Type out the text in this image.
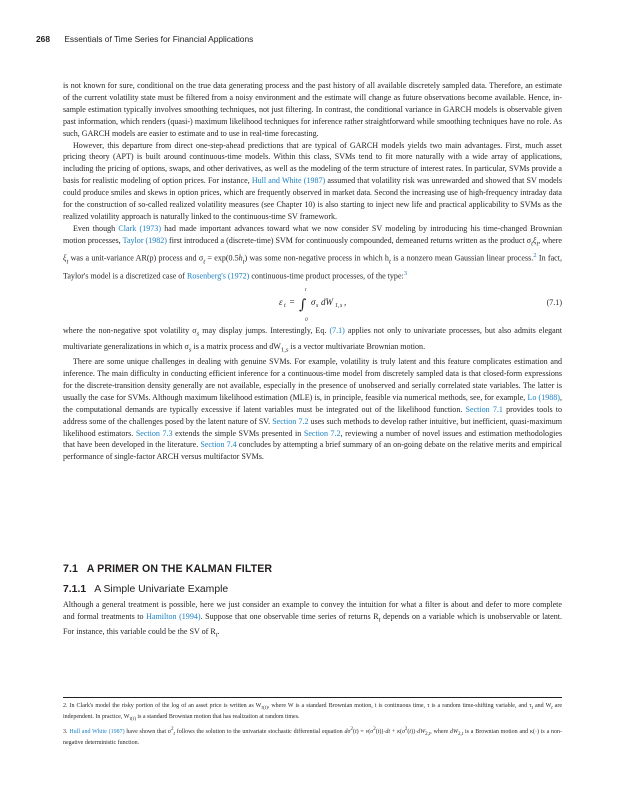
268 Essentials of Time Series for Financial Applications

is not known for sure, conditional on the true data generating process and the past history of all available discretely sampled data. Therefore, an estimate of the current volatility state must be filtered from a noisy environment and the estimate will change as future observations become available. Hence, in-sample estimation typically involves smoothing techniques, not just filtering. In contrast, the conditional variance in GARCH models is observable given past information, which renders (quasi-) maximum likelihood techniques for inference rather straightforward while smoothing techniques have no role. As such, GARCH models are easier to estimate and to use in real-time forecasting.

However, this departure from direct one-step-ahead predictions that are typical of GARCH models yields two main advantages. First, much asset pricing theory (APT) is built around continuous-time models. Within this class, SVMs tend to fit more naturally with a wide array of applications, including the pricing of options, swaps, and other derivatives, as well as the modeling of the term structure of interest rates. In particular, SVMs provide a basis for realistic modeling of option prices. For instance, Hull and White (1987) assumed that volatility risk was unrewarded and showed that SV models could produce smiles and skews in option prices, which are frequently observed in market data. Second the increasing use of high-frequency intraday data for the construction of so-called realized volatility measures (see Chapter 10) is also starting to inject new life and practical applicability to SVMs as the realized volatility approach is naturally linked to the continuous-time SV framework.

Even though Clark (1973) had made important advances toward what we now consider SV modeling by introducing his time-changed Brownian motion processes, Taylor (1982) first introduced a (discrete-time) SVM for continuously compounded, demeaned returns written as the product $\sigma_t\xi_t$, where $\xi_t$ was a unit-variance AR(p) process and $\sigma_t = \exp(0.5h_t)$ was some non-negative process in which $h_t$ is a nonzero mean Gaussian linear process.$^2$ In fact, Taylor's model is a discretized case of Rosenberg's (1972) continuous-time product processes, of the type:$^3$

ε t = ∫
t
0
σ s dW 1, s ,	(7.1)

where the non-negative spot volatility $\sigma_s$ may display jumps. Interestingly, Eq. (7.1) applies not only to univariate processes, but also admits elegant multivariate generalizations in which $\sigma_s$ is a matrix process and $dW_{1,s}$ is a vector multivariate Brownian motion.

There are some unique challenges in dealing with genuine SVMs. For example, volatility is truly latent and this feature complicates estimation and inference. The main difficulty in conducting efficient inference for a continuous-time model from discretely sampled data is that closed-form expressions for the discrete-transition density generally are not available, especially in the presence of unobserved and serially correlated state variables. The latter is usually the case for SVMs. Although maximum likelihood estimation (MLE) is, in principle, feasible via numerical methods, see, for example, Lo (1988), the computational demands are typically excessive if latent variables must be integrated out of the likelihood function. Section 7.1 provides tools to address some of the challenges posed by the latent nature of SV. Section 7.2 uses such methods to develop rather intuitive, but inefficient, quasi-maximum likelihood estimators. Section 7.3 extends the simple SVMs presented in Section 7.2, reviewing a number of novel issues and estimation methodologies that have been developed in the literature. Section 7.4 concludes by attempting a brief summary of an on-going debate on the relative merits and empirical performance of single-factor ARCH versus multifactor SVMs.

7.1 A PRIMER ON THE KALMAN FILTER
7.1.1 A Simple Univariate Example

Although a general treatment is possible, here we just consider an example to convey the intuition for what a filter is about and defer to more complete and formal treatments to Hamilton (1994). Suppose that one observable time series of returns $R_t$ depends on a variable which is unobservable or latent. For instance, this variable could be the SV of $R_t$.

2. In Clark's model the risky portion of the log of an asset price is written as $W_{\tau(t)}$, where W is a standard Brownian motion, t is continuous time, τ is a random time-shifting variable, and $\tau_t$ and $W_t$ are independent. In practice, $W_{\tau(t)}$ is a standard Brownian motion that has realization at random times.

3. Hull and White (1987) have shown that $\sigma^2_t$ follows the solution to the univariate stochastic differential equation $d\sigma^2(t) = \nu(\sigma^2(t))\cdot dt + \kappa(\sigma^2(t))\cdot dW_{2,t}$, where $dW_{2,t}$ is a Brownian motion and κ(·) is a non-negative deterministic function.
